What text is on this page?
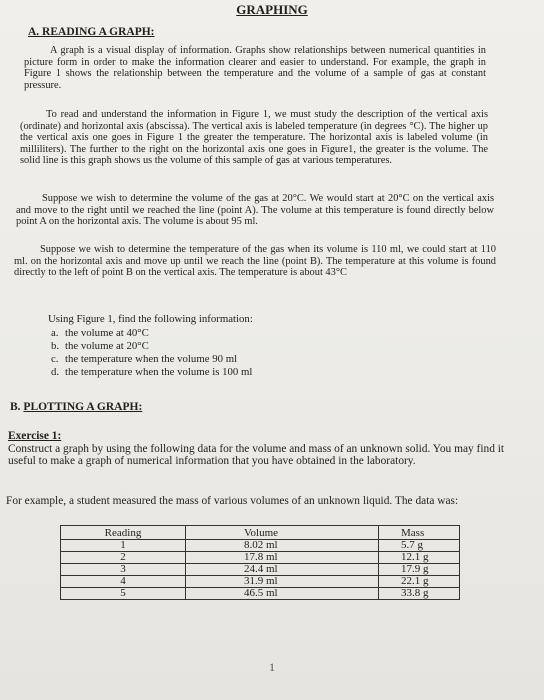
GRAPHING
A. READING A GRAPH:
A graph is a visual display of information. Graphs show relationships between numerical quantities in picture form in order to make the information clearer and easier to understand. For example, the graph in Figure 1 shows the relationship between the temperature and the volume of a sample of gas at constant pressure.
To read and understand the information in Figure 1, we must study the description of the vertical axis (ordinate) and horizontal axis (abscissa). The vertical axis is labeled temperature (in degrees °C). The higher up the vertical axis one goes in Figure 1 the greater the temperature. The horizontal axis is labeled volume (in milliliters). The further to the right on the horizontal axis one goes in Figure1, the greater is the volume. The solid line is this graph shows us the volume of this sample of gas at various temperatures.
Suppose we wish to determine the volume of the gas at 20°C. We would start at 20°C on the vertical axis and move to the right until we reached the line (point A). The volume at this temperature is found directly below point A on the horizontal axis. The volume is about 95 ml.
Suppose we wish to determine the temperature of the gas when its volume is 110 ml, we could start at 110 ml. on the horizontal axis and move up until we reach the line (point B). The temperature at this volume is found directly to the left of point B on the vertical axis. The temperature is about 43°C
Using Figure 1, find the following information:
a. the volume at 40°C
b. the volume at 20°C
c. the temperature when the volume 90 ml
d. the temperature when the volume is 100 ml
B. PLOTTING A GRAPH:
Exercise 1:
Construct a graph by using the following data for the volume and mass of an unknown solid. You may find it useful to make a graph of numerical information that you have obtained in the laboratory.
For example, a student measured the mass of various volumes of an unknown liquid. The data was:
Reading	Volume	Mass
1	8.02 ml	5.7 g
2	17.8 ml	12.1 g
3	24.4 ml	17.9 g
4	31.9 ml	22.1 g
5	46.5 ml	33.8 g
1
